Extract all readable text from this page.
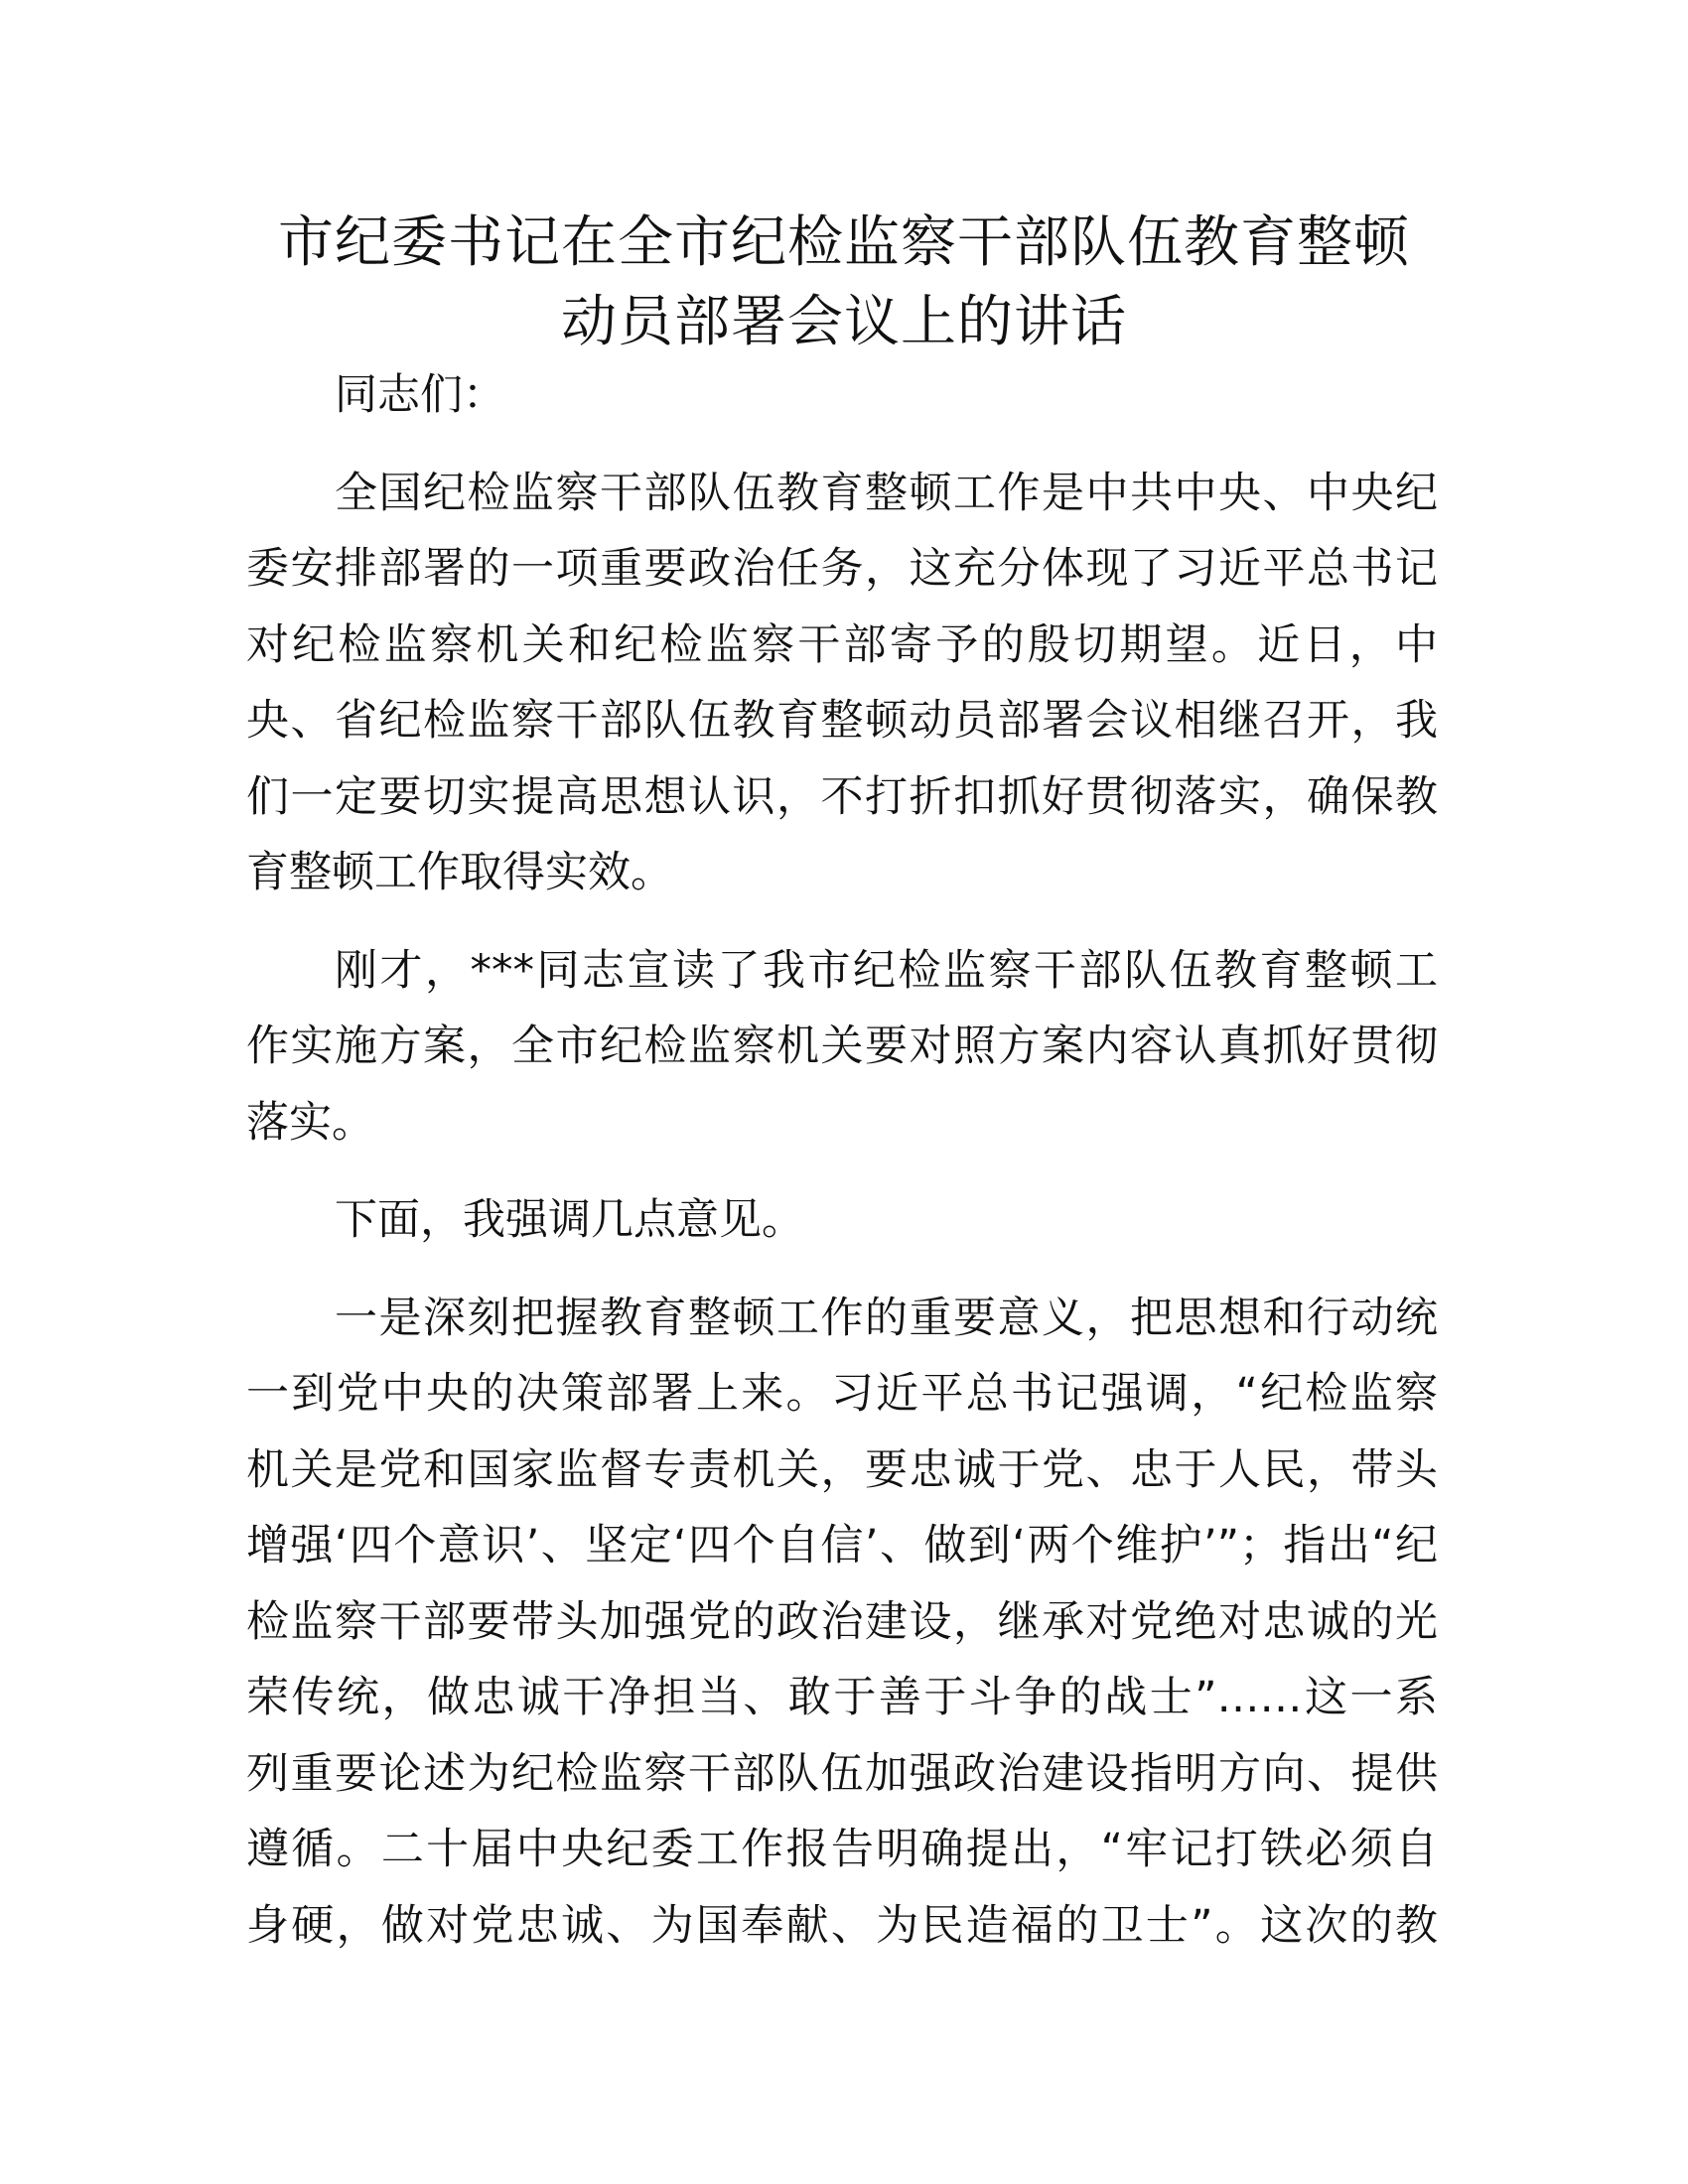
市纪委书记在全市纪检监察干部队伍教育整顿
动员部署会议上的讲话

同志们：

全国纪检监察干部队伍教育整顿工作是中共中央、中央纪
委安排部署的一项重要政治任务，这充分体现了习近平总书记
对纪检监察机关和纪检监察干部寄予的殷切期望。近日，中
央、省纪检监察干部队伍教育整顿动员部署会议相继召开，我
们一定要切实提高思想认识，不打折扣抓好贯彻落实，确保教
育整顿工作取得实效。

刚才，***同志宣读了我市纪检监察干部队伍教育整顿工
作实施方案，全市纪检监察机关要对照方案内容认真抓好贯彻
落实。

下面，我强调几点意见。

一是深刻把握教育整顿工作的重要意义，把思想和行动统
一到党中央的决策部署上来。习近平总书记强调，“纪检监察
机关是党和国家监督专责机关，要忠诚于党、忠于人民，带头
增强‘四个意识’、坚定‘四个自信’、做到‘两个维护’”；指出“纪
检监察干部要带头加强党的政治建设，继承对党绝对忠诚的光
荣传统，做忠诚干净担当、敢于善于斗争的战士”……这一系
列重要论述为纪检监察干部队伍加强政治建设指明方向、提供
遵循。二十届中央纪委工作报告明确提出，“牢记打铁必须自
身硬，做对党忠诚、为国奉献、为民造福的卫士”。这次的教
